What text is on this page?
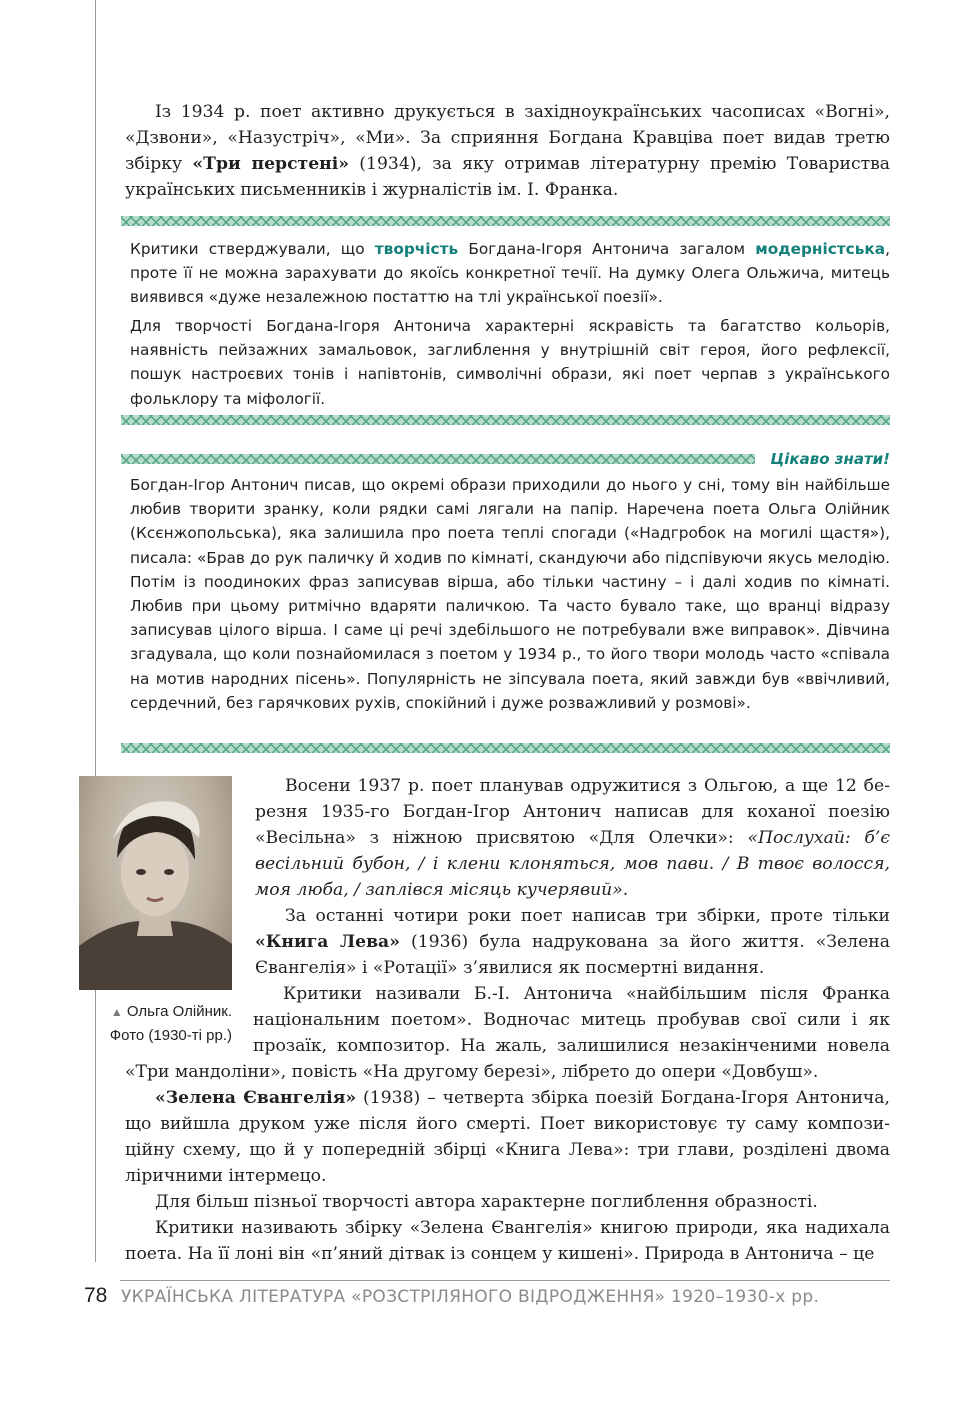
Із 1934 р. поет активно друкується в західноукраїнських часописах «Вогні», «Дзвони», «Назустріч», «Ми». За сприяння Богдана Кравціва поет видав третю збірку «Три перстені» (1934), за яку отримав літературну премію Товариства українських письменників і журналістів ім. І. Франка.

Критики стверджували, що творчість Богдана-Ігоря Антонича загалом модерністська, проте її не можна зарахувати до якоїсь конкретної течії. На думку Олега Ольжича, митець виявився «дуже незалежною постаттю на тлі української поезії».

Для творчості Богдана-Ігоря Антонича характерні яскравість та багатство кольорів, наявність пейзажних замальовок, заглиблення у внутрішній світ героя, його рефлексії, пошук настроєвих тонів і напівтонів, символічні образи, які поет черпав з українського фольклору та міфології.

Цікаво знати!

Богдан-Ігор Антонич писав, що окремі образи приходили до нього у сні, тому він найбільше любив творити зранку, коли рядки самі лягали на папір. Наречена поета Ольга Олійник (Ксєнжопольська), яка залишила про поета теплі спогади («Надгробок на могилі щастя»), писала: «Брав до рук паличку й ходив по кімнаті, скандуючи або підспівуючи якусь мелодію. Потім із поодиноких фраз записував вірша, або тільки частину – і далі ходив по кімнаті. Любив при цьому ритмічно вдаряти паличкою. Та часто бувало таке, що вранці відразу записував цілого вірша. І саме ці речі здебільшого не потребували вже виправок». Дівчина згадувала, що коли познайомилася з поетом у 1934 р., то його твори молодь часто «співала на мотив народних пісень». Популярність не зіпсувала поета, який завжди був «ввічливий, сердечний, без гарячкових рухів, спокійний і дуже розважливий у розмові».

▲ Ольга Олійник.
Фото (1930-ті рр.)

Восени 1937 р. поет планував одружитися з Ольгою, а ще 12 березня 1935-го Богдан-Ігор Антонич написав для коханої поезію «Весільна» з ніжною присвятою «Для Олечки»: «Послухай: б’є весільний бубон, / і клени клоняться, мов пави. / В твоє волосся, моя люба, / заплівся місяць кучерявий».

За останні чотири роки поет написав три збірки, проте тільки «Книга Лева» (1936) була надрукована за його життя. «Зелена Євангелія» і «Ротації» з’явилися як посмертні видання.

Критики називали Б.-І. Антонича «найбільшим після Франка національним поетом». Водночас митець пробував свої сили і як прозаїк, композитор. На жаль, залишилися незакінченими новела «Три мандоліни», повість «На другому березі», лібрето до опери «Довбуш».

«Зелена Євангелія» (1938) – четверта збірка поезій Богдана-Ігоря Антонича, що вийшла друком уже після його смерті. Поет використовує ту саму композиційну схему, що й у попередній збірці «Книга Лева»: три глави, розділені двома ліричними інтермецо.

Для більш пізньої творчості автора характерне поглиблення образності.

Критики називають збірку «Зелена Євангелія» книгою природи, яка надихала поета. На її лоні він «п’яний дітвак із сонцем у кишені». Природа в Антонича – це

78 УКРАЇНСЬКА ЛІТЕРАТУРА «РОЗСТРІЛЯНОГО ВІДРОДЖЕННЯ» 1920–1930-х рр.
